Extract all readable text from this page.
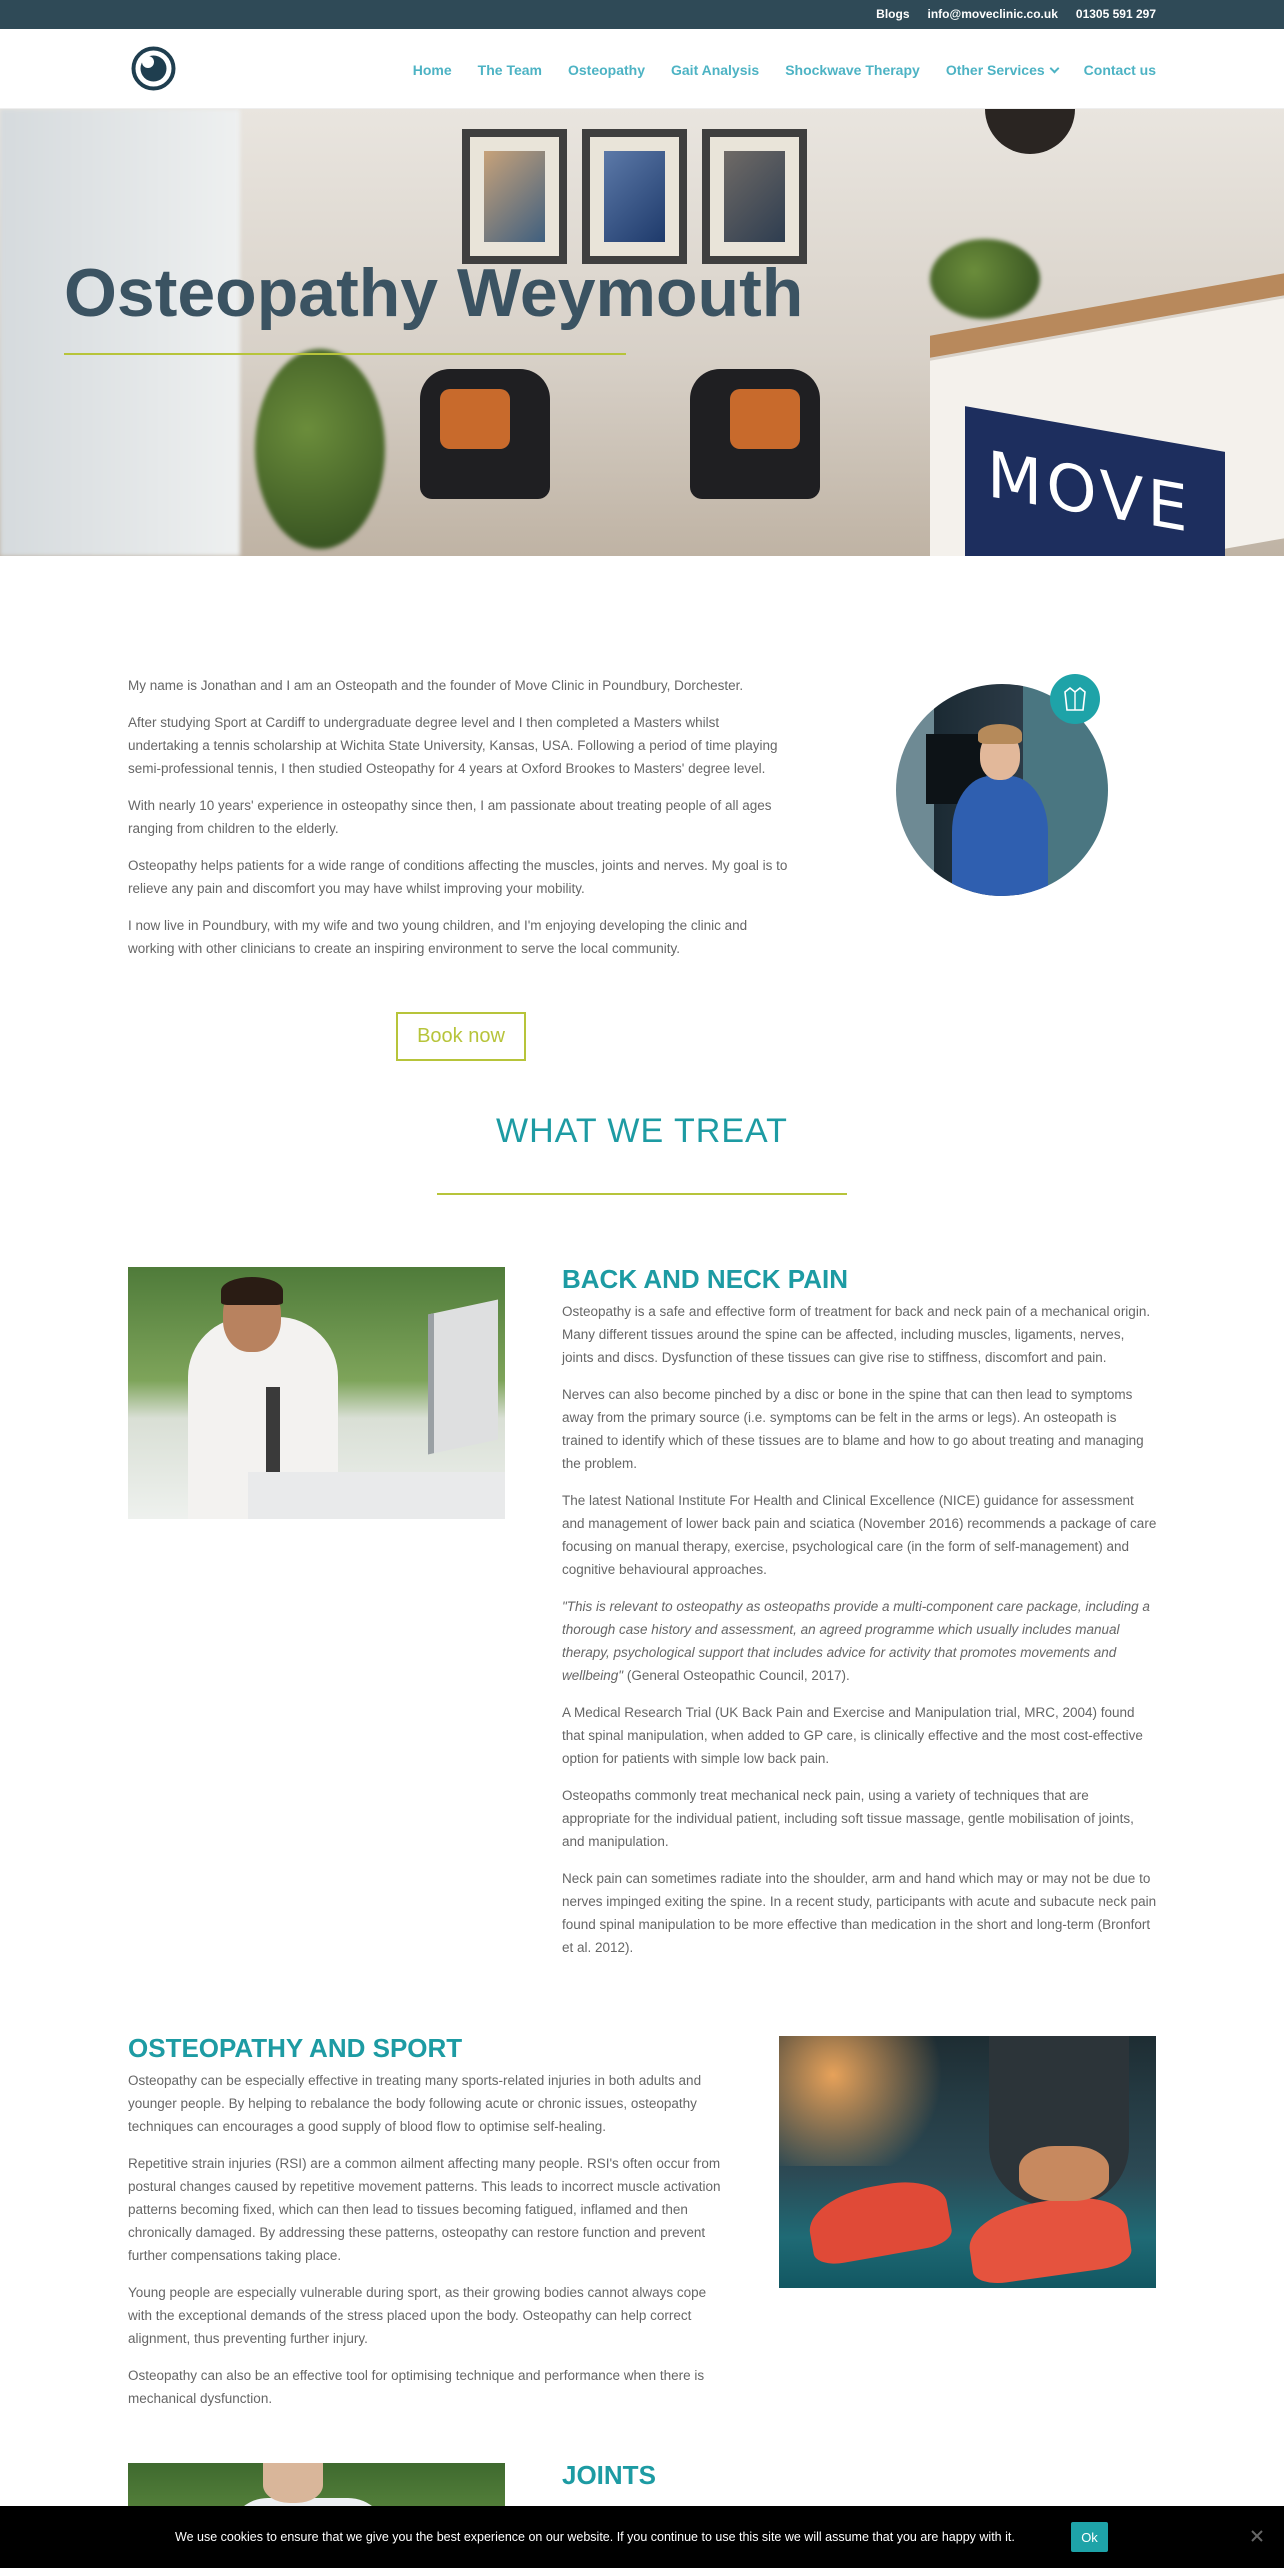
Blogs info@moveclinic.co.uk 01305 591 297
Home The Team Osteopathy Gait Analysis Shockwave Therapy Other Services	Contact us
MOVE
Osteopathy Weymouth

My name is Jonathan and I am an Osteopath and the founder of Move Clinic in Poundbury, Dorchester.

After studying Sport at Cardiff to undergraduate degree level and I then completed a Masters whilst undertaking a tennis scholarship at Wichita State University, Kansas, USA. Following a period of time playing semi-professional tennis, I then studied Osteopathy for 4 years at Oxford Brookes to Masters' degree level.

With nearly 10 years' experience in osteopathy since then, I am passionate about treating people of all ages ranging from children to the elderly.

Osteopathy helps patients for a wide range of conditions affecting the muscles, joints and nerves. My goal is to relieve any pain and discomfort you may have whilst improving your mobility.

I now live in Poundbury, with my wife and two young children, and I'm enjoying developing the clinic and working with other clinicians to create an inspiring environment to serve the local community.

Book now
WHAT WE TREAT
BACK AND NECK PAIN

Osteopathy is a safe and effective form of treatment for back and neck pain of a mechanical origin. Many different tissues around the spine can be affected, including muscles, ligaments, nerves, joints and discs. Dysfunction of these tissues can give rise to stiffness, discomfort and pain.

Nerves can also become pinched by a disc or bone in the spine that can then lead to symptoms away from the primary source (i.e. symptoms can be felt in the arms or legs). An osteopath is trained to identify which of these tissues are to blame and how to go about treating and managing the problem.

The latest National Institute For Health and Clinical Excellence (NICE) guidance for assessment and management of lower back pain and sciatica (November 2016) recommends a package of care focusing on manual therapy, exercise, psychological care (in the form of self-management) and cognitive behavioural approaches.

"This is relevant to osteopathy as osteopaths provide a multi-component care package, including a thorough case history and assessment, an agreed programme which usually includes manual therapy, psychological support that includes advice for activity that promotes movements and wellbeing" (General Osteopathic Council, 2017).

A Medical Research Trial (UK Back Pain and Exercise and Manipulation trial, MRC, 2004) found that spinal manipulation, when added to GP care, is clinically effective and the most cost-effective option for patients with simple low back pain.

Osteopaths commonly treat mechanical neck pain, using a variety of techniques that are appropriate for the individual patient, including soft tissue massage, gentle mobilisation of joints, and manipulation.

Neck pain can sometimes radiate into the shoulder, arm and hand which may or may not be due to nerves impinged exiting the spine. In a recent study, participants with acute and subacute neck pain found spinal manipulation to be more effective than medication in the short and long-term (Bronfort et al. 2012).

OSTEOPATHY AND SPORT

Osteopathy can be especially effective in treating many sports-related injuries in both adults and younger people. By helping to rebalance the body following acute or chronic issues, osteopathy techniques can encourages a good supply of blood flow to optimise self-healing.

Repetitive strain injuries (RSI) are a common ailment affecting many people. RSI's often occur from postural changes caused by repetitive movement patterns. This leads to incorrect muscle activation patterns becoming fixed, which can then lead to tissues becoming fatigued, inflamed and then chronically damaged. By addressing these patterns, osteopathy can restore function and prevent further compensations taking place.

Young people are especially vulnerable during sport, as their growing bodies cannot always cope with the exceptional demands of the stress placed upon the body. Osteopathy can help correct alignment, thus preventing further injury.

Osteopathy can also be an effective tool for optimising technique and performance when there is mechanical dysfunction.

JOINTS
We use cookies to ensure that we give you the best experience on our website. If you continue to use this site we will assume that you are happy with it.	Ok
